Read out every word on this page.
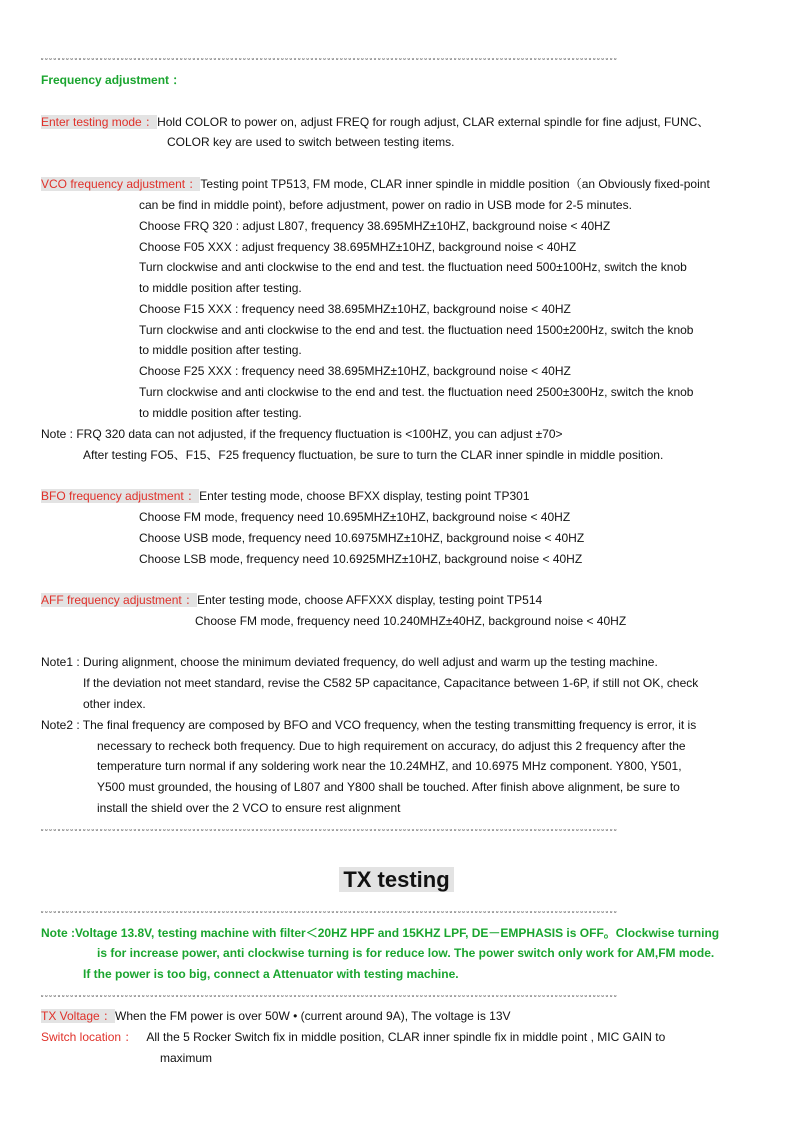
°°°°°°°°°°°°°°°°°°°°°°°°°°°°°°°°°°°°°°°°°°°°°°°°°°°°°°°°°°°°°°°°°°°°°°°°°°°°°°°°°°°°°°°°°°°°°°°°°°°°°°°°°°°°°°°°°°°°°°°°°°°°°°°°°°°°°°°°°
Frequency adjustment ：
Enter testing mode ：Hold COLOR to power on, adjust FREQ for rough adjust, CLAR external spindle for fine adjust, FUNC、
COLOR key are used to switch between testing items.
VCO frequency adjustment ：Testing point TP513, FM mode, CLAR inner spindle in middle position（an Obviously fixed-point
can be find in middle point), before adjustment, power on radio in USB mode for 2-5 minutes.
Choose FRQ 320 : adjust L807, frequency 38.695MHZ±10HZ, background noise < 40HZ
Choose F05 XXX : adjust frequency 38.695MHZ±10HZ, background noise < 40HZ
Turn clockwise and anti clockwise to the end and test. the fluctuation need 500±100Hz, switch the knob
to middle position after testing.
Choose F15 XXX : frequency need 38.695MHZ±10HZ, background noise < 40HZ
Turn clockwise and anti clockwise to the end and test. the fluctuation need 1500±200Hz, switch the knob
to middle position after testing.
Choose F25 XXX : frequency need 38.695MHZ±10HZ, background noise < 40HZ
Turn clockwise and anti clockwise to the end and test. the fluctuation need 2500±300Hz, switch the knob
to middle position after testing.
Note : FRQ 320 data can not adjusted, if the frequency fluctuation is <100HZ, you can adjust ±70>
After testing FO5、F15、F25 frequency fluctuation, be sure to turn the CLAR inner spindle in middle position.
BFO frequency adjustment ：Enter testing mode, choose BFXX display, testing point TP301
Choose FM mode, frequency need 10.695MHZ±10HZ, background noise < 40HZ
Choose USB mode, frequency need 10.6975MHZ±10HZ, background noise < 40HZ
Choose LSB mode, frequency need 10.6925MHZ±10HZ, background noise < 40HZ
AFF frequency adjustment ：Enter testing mode, choose AFFXXX display, testing point TP514
Choose FM mode, frequency need 10.240MHZ±40HZ, background noise < 40HZ
Note1 : During alignment, choose the minimum deviated frequency, do well adjust and warm up the testing machine.
If the deviation not meet standard, revise the C582 5P capacitance, Capacitance between 1-6P, if still not OK, check
other index.
Note2 : The final frequency are composed by BFO and VCO frequency, when the testing transmitting frequency is error, it is
necessary to recheck both frequency. Due to high requirement on accuracy, do adjust this 2 frequency after the
temperature turn normal if any soldering work near the 10.24MHZ, and 10.6975 MHz component. Y800, Y501,
Y500 must grounded, the housing of L807 and Y800 shall be touched. After finish above alignment, be sure to
install the shield over the 2 VCO to ensure rest alignment
°°°°°°°°°°°°°°°°°°°°°°°°°°°°°°°°°°°°°°°°°°°°°°°°°°°°°°°°°°°°°°°°°°°°°°°°°°°°°°°°°°°°°°°°°°°°°°°°°°°°°°°°°°°°°°°°°°°°°°°°°°°°°°°°°°°°°°°°°
TX testing
°°°°°°°°°°°°°°°°°°°°°°°°°°°°°°°°°°°°°°°°°°°°°°°°°°°°°°°°°°°°°°°°°°°°°°°°°°°°°°°°°°°°°°°°°°°°°°°°°°°°°°°°°°°°°°°°°°°°°°°°°°°°°°°°°°°°°°°°°
Note :Voltage 13.8V, testing machine with filter＜20HZ HPF and 15KHZ LPF, DE－EMPHASIS is OFF。Clockwise turning
is for increase power, anti clockwise turning is for reduce low. The power switch only work for AM,FM mode.
If the power is too big, connect a Attenuator with testing machine.
°°°°°°°°°°°°°°°°°°°°°°°°°°°°°°°°°°°°°°°°°°°°°°°°°°°°°°°°°°°°°°°°°°°°°°°°°°°°°°°°°°°°°°°°°°°°°°°°°°°°°°°°°°°°°°°°°°°°°°°°°°°°°°°°°°°°°°°°°
TX Voltage ：When the FM power is over 50W • (current around 9A), The voltage is 13V
Switch location ： All the 5 Rocker Switch fix in middle position, CLAR inner spindle fix in middle point , MIC GAIN to
maximum
